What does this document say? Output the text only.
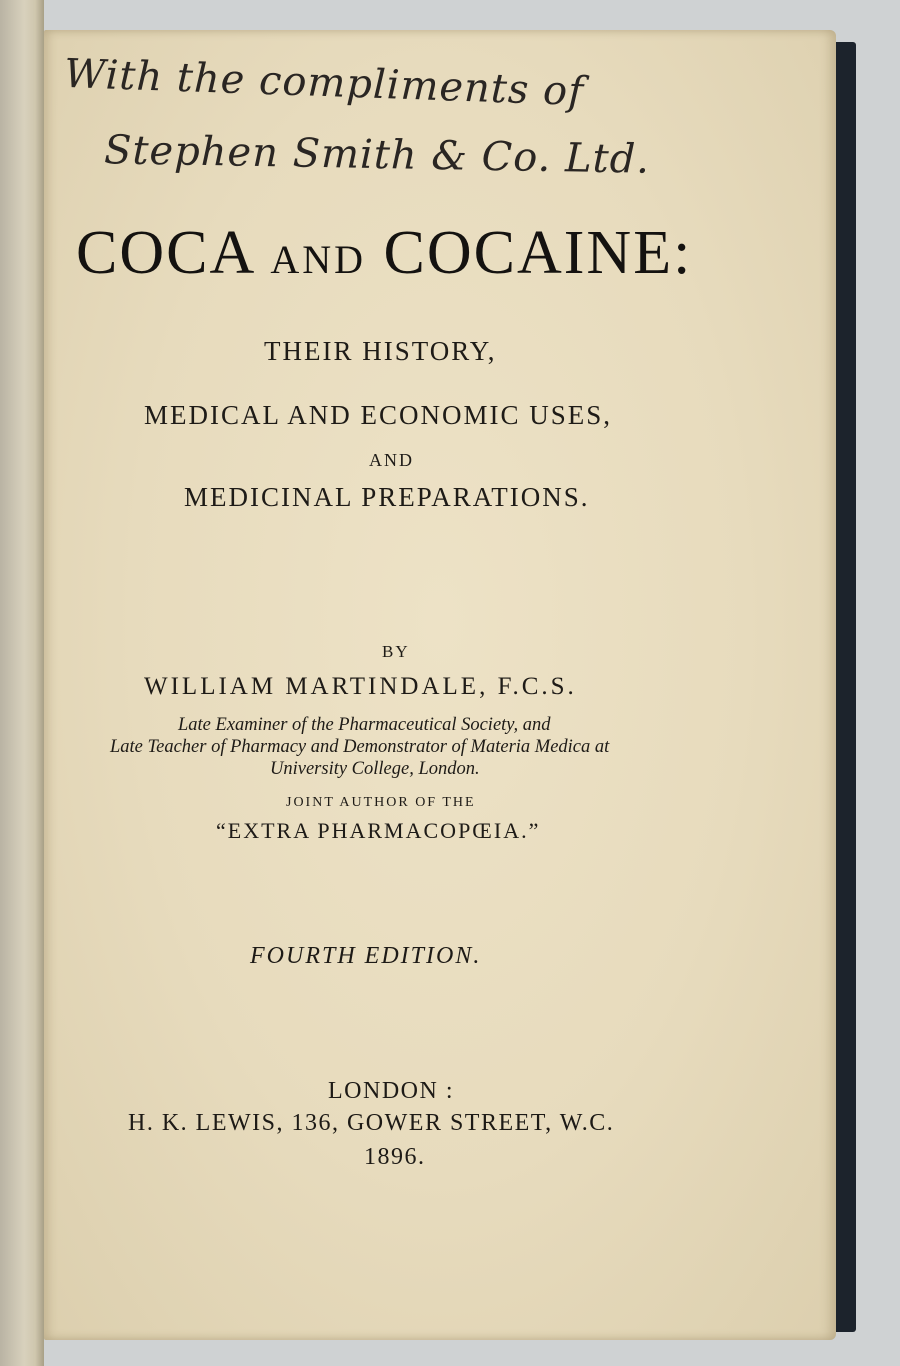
With the compliments of
Stephen Smith & Co. Ltd.
COCA AND COCAINE:
THEIR HISTORY,
MEDICAL AND ECONOMIC USES,
AND
MEDICINAL PREPARATIONS.
BY
WILLIAM MARTINDALE, F.C.S.
Late Examiner of the Pharmaceutical Society, and
Late Teacher of Pharmacy and Demonstrator of Materia Medica at
University College, London.
JOINT AUTHOR OF THE
“EXTRA PHARMACOPŒIA.”
FOURTH EDITION.
LONDON :
H. K. LEWIS, 136, GOWER STREET, W.C.
1896.
